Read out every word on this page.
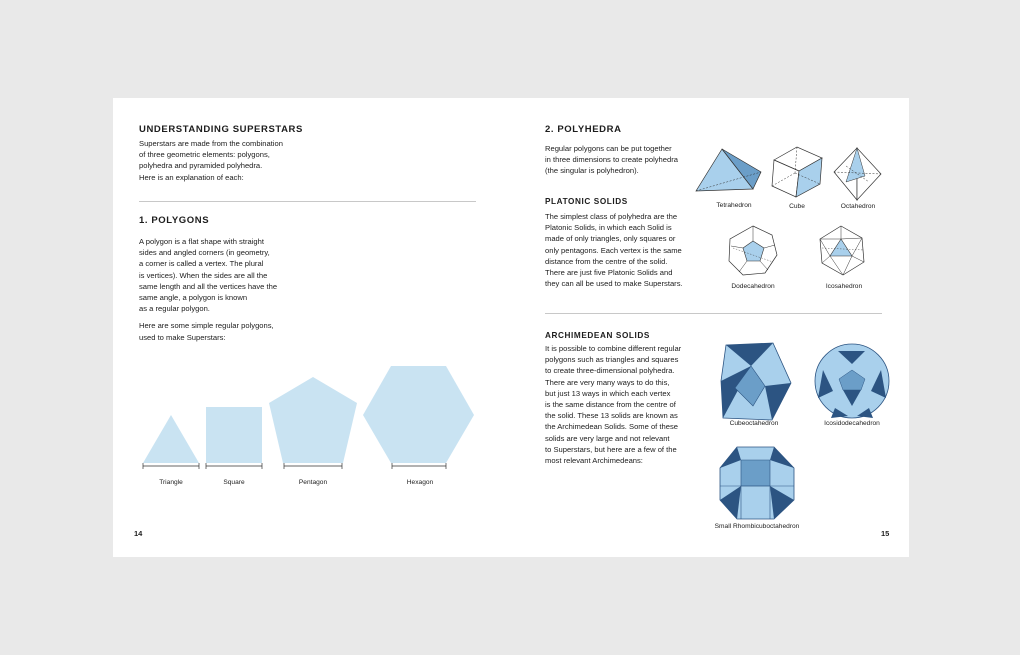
UNDERSTANDING SUPERSTARS

Superstars are made from the combination

of three geometric elements: polygons,

polyhedra and pyramided polyhedra.

Here is an explanation of each:

1. POLYGONS

A polygon is a flat shape with straight

sides and angled corners (in geometry,

a corner is called a vertex. The plural

is vertices). When the sides are all the

same length and all the vertices have the

same angle, a polygon is known

as a regular polygon.

Here are some simple regular polygons,

used to make Superstars:

Triangle	Square	Pentagon	Hexagon
14

2. POLYHEDRA

Regular polygons can be put together

in three dimensions to create polyhedra

(the singular is polyhedron).

PLATONIC SOLIDS

The simplest class of polyhedra are the

Platonic Solids, in which each Solid is

made of only triangles, only squares or

only pentagons. Each vertex is the same

distance from the centre of the solid.

There are just five Platonic Solids and

they can all be used to make Superstars.

ARCHIMEDEAN SOLIDS

It is possible to combine different regular

polygons such as triangles and squares

to create three-dimensional polyhedra.

There are very many ways to do this,

but just 13 ways in which each vertex

is the same distance from the centre of

the solid. These 13 solids are known as

the Archimedean Solids. Some of these

solids are very large and not relevant

to Superstars, but here are a few of the

most relevant Archimedeans:

Tetrahedron	Cube	Octahedron
Dodecahedron	Icosahedron
Cubeoctahedron	Icosidodecahedron
Small Rhombicuboctahedron
15
